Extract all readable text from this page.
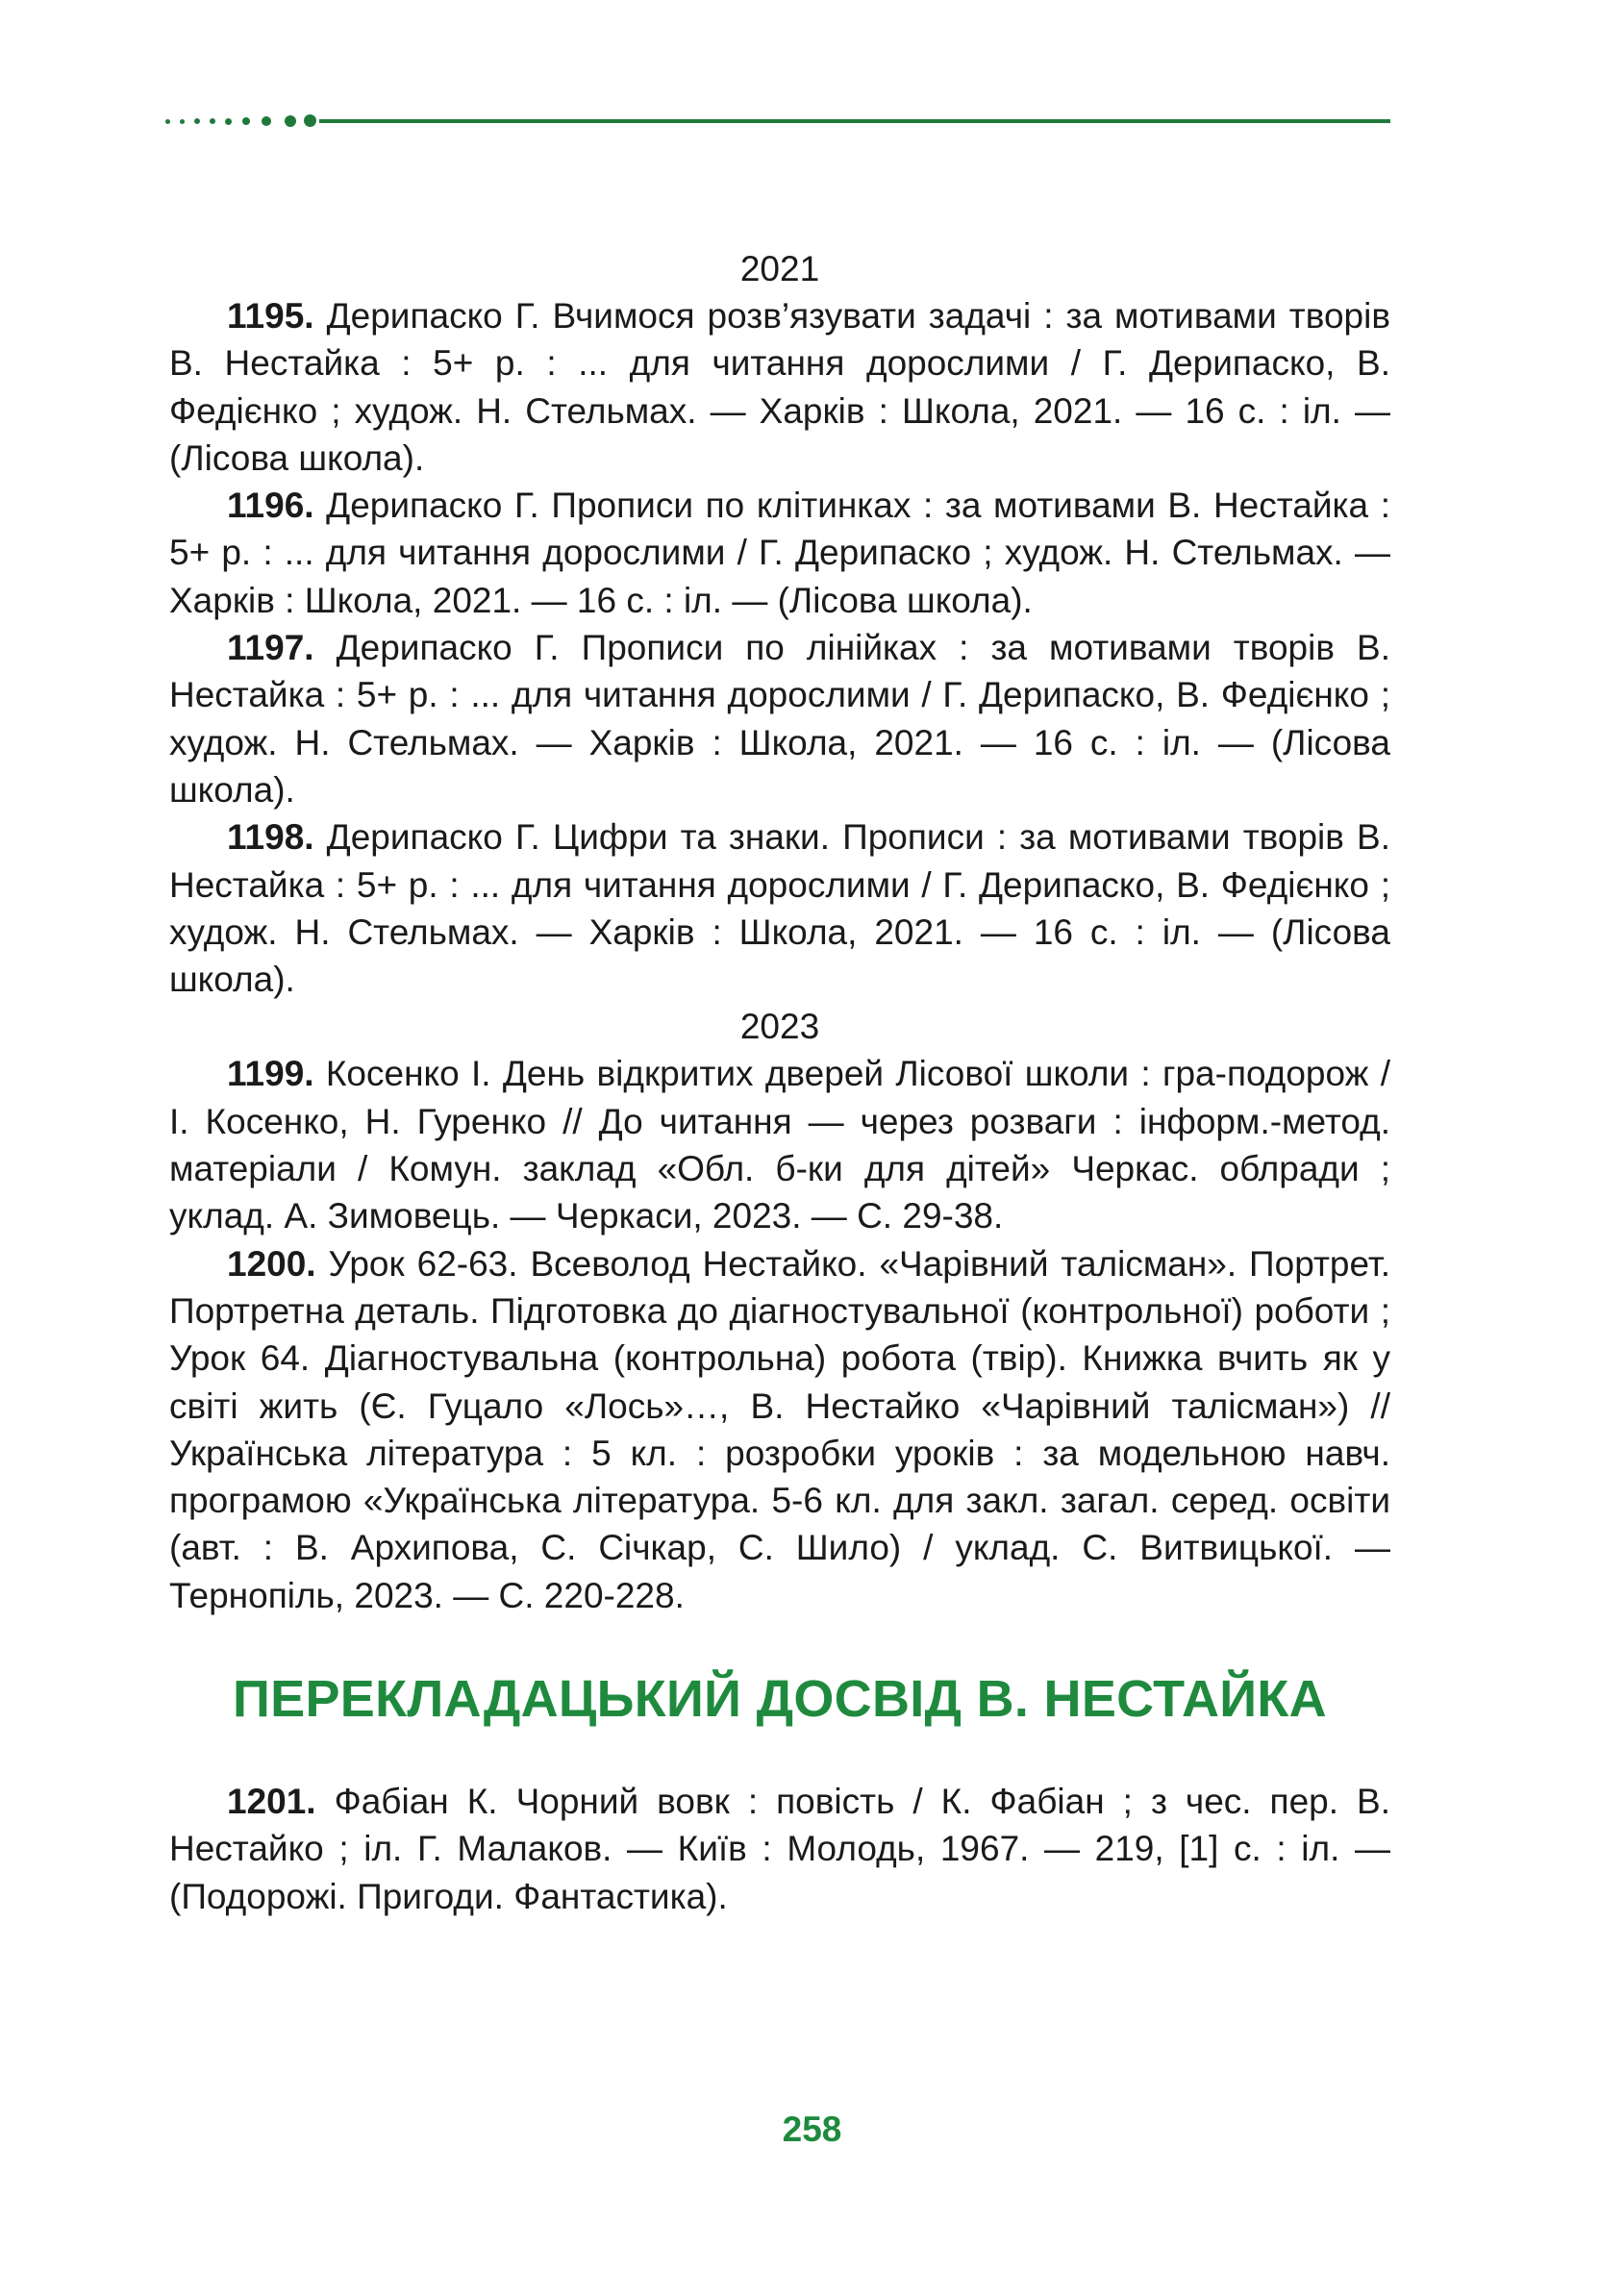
2021

1195. Дерипаско Г. Вчимося розв’язувати задачі : за мотивами творів В. Нестайка : 5+ р. : ... для читання дорослими / Г. Дерипаско, В. Федієнко ; худож. Н. Стельмах. — Харків : Школа, 2021. — 16 с. : іл. — (Лісова школа).

1196. Дерипаско Г. Прописи по клітинках : за мотивами В. Нестайка : 5+ р. : ... для читання дорослими / Г. Дерипаско ; худож. Н. Стельмах. — Харків : Школа, 2021. — 16 с. : іл. — (Лісова школа).

1197. Дерипаско Г. Прописи по лінійках : за мотивами творів В. Нестайка : 5+ р. : ... для читання дорослими / Г. Дерипаско, В. Федієнко ; худож. Н. Стельмах. — Харків : Школа, 2021. — 16 с. : іл. — (Лісова школа).

1198. Дерипаско Г. Цифри та знаки. Прописи : за мотивами творів В. Нестайка : 5+ р. : ... для читання дорослими / Г. Дерипаско, В. Федієнко ; худож. Н. Стельмах. — Харків : Школа, 2021. — 16 с. : іл. — (Лісова школа).

2023

1199. Косенко І. День відкритих дверей Лісової школи : гра-подорож / І. Косенко, Н. Гуренко // До читання — через розваги : інформ.-метод. матеріали / Комун. заклад «Обл. б-ки для дітей» Черкас. облради ; уклад. А. Зимовець. — Черкаси, 2023. — С. 29-38.

1200. Урок 62-63. Всеволод Нестайко. «Чарівний талісман». Портрет. Портретна деталь. Підготовка до діагностувальної (контрольної) роботи ; Урок 64. Діагностувальна (контрольна) робота (твір). Книжка вчить як у світі жить (Є. Гуцало «Лось»…, В. Нестайко «Чарівний талісман») // Українська література : 5 кл. : розробки уроків : за модельною навч. програмою «Українська література. 5-6 кл. для закл. загал. серед. освіти (авт. : В. Архипова, С. Січкар, С. Шило) / уклад. С. Витвицької. — Тернопіль, 2023. — С. 220-228.

ПЕРЕКЛАДАЦЬКИЙ ДОСВІД В. НЕСТАЙКА

1201. Фабіан К. Чорний вовк : повість / К. Фабіан ; з чес. пер. В. Нестайко ; іл. Г. Малаков. — Київ : Молодь, 1967. — 219, [1] с. : іл. — (Подорожі. Пригоди. Фантастика).

258
